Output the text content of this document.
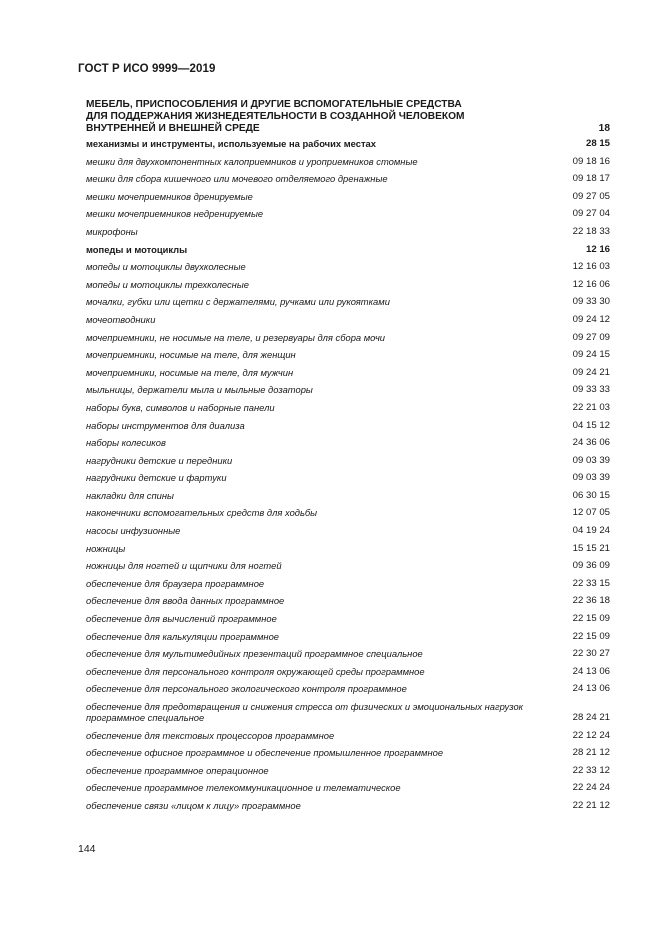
ГОСТ Р ИСО 9999—2019
МЕБЕЛЬ, ПРИСПОСОБЛЕНИЯ И ДРУГИЕ ВСПОМОГАТЕЛЬНЫЕ СРЕДСТВА
ДЛЯ ПОДДЕРЖАНИЯ ЖИЗНЕДЕЯТЕЛЬНОСТИ В СОЗДАННОЙ ЧЕЛОВЕКОМ
ВНУТРЕННЕЙ И ВНЕШНЕЙ СРЕДЕ	18
механизмы и инструменты, используемые на рабочих местах	28 15
мешки для двухкомпонентных калоприемников и уроприемников стомные	09 18 16
мешки для сбора кишечного или мочевого отделяемого дренажные	09 18 17
мешки мочеприемников дренируемые	09 27 05
мешки мочеприемников недренируемые	09 27 04
микрофоны	22 18 33
мопеды и мотоциклы	12 16
мопеды и мотоциклы двухколесные	12 16 03
мопеды и мотоциклы трехколесные	12 16 06
мочалки, губки или щетки с держателями, ручками или рукоятками	09 33 30
мочеотводники	09 24 12
мочеприемники, не носимые на теле, и резервуары для сбора мочи	09 27 09
мочеприемники, носимые на теле, для женщин	09 24 15
мочеприемники, носимые на теле, для мужчин	09 24 21
мыльницы, держатели мыла и мыльные дозаторы	09 33 33
наборы букв, символов и наборные панели	22 21 03
наборы инструментов для диализа	04 15 12
наборы колесиков	24 36 06
нагрудники детские и передники	09 03 39
нагрудники детские и фартуки	09 03 39
накладки для спины	06 30 15
наконечники вспомогательных средств для ходьбы	12 07 05
насосы инфузионные	04 19 24
ножницы	15 15 21
ножницы для ногтей и щипчики для ногтей	09 36 09
обеспечение для браузера программное	22 33 15
обеспечение для ввода данных программное	22 36 18
обеспечение для вычислений программное	22 15 09
обеспечение для калькуляции программное	22 15 09
обеспечение для мультимедийных презентаций программное специальное	22 30 27
обеспечение для персонального контроля окружающей среды программное	24 13 06
обеспечение для персонального экологического контроля программное	24 13 06
обеспечение для предотвращения и снижения стресса от физических и эмоциональных нагрузок программное специальное	28 24 21
обеспечение для текстовых процессоров программное	22 12 24
обеспечение офисное программное и обеспечение промышленное программное	28 21 12
обеспечение программное операционное	22 33 12
обеспечение программное телекоммуникационное и телематическое	22 24 24
обеспечение связи «лицом к лицу» программное	22 21 12
144
